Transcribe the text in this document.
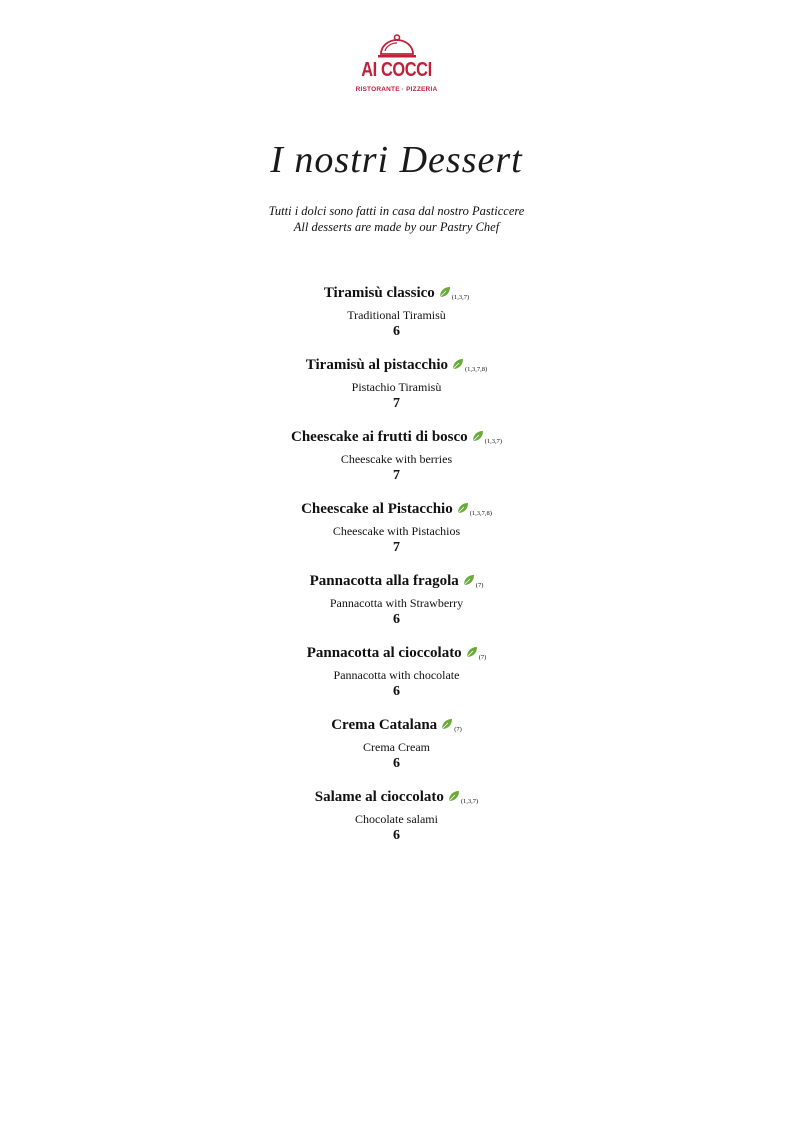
AI COCCI
RISTORANTE · PIZZERIA
I nostri Dessert
Tutti i dolci sono fatti in casa dal nostro Pasticcere
All desserts are made by our Pastry Chef
Tiramisù classico	(1,3,7)
Traditional Tiramisù
6
Tiramisù al pistacchio	(1,3,7,8)
Pistachio Tiramisù
7
Cheescake ai frutti di bosco	(1,3,7)
Cheescake with berries
7
Cheescake al Pistacchio	(1,3,7,8)
Cheescake with Pistachios
7
Pannacotta alla fragola	(7)
Pannacotta with Strawberry
6
Pannacotta al cioccolato	(7)
Pannacotta with chocolate
6
Crema Catalana	(7)
Crema Cream
6
Salame al cioccolato	(1,3,7)
Chocolate salami
6
